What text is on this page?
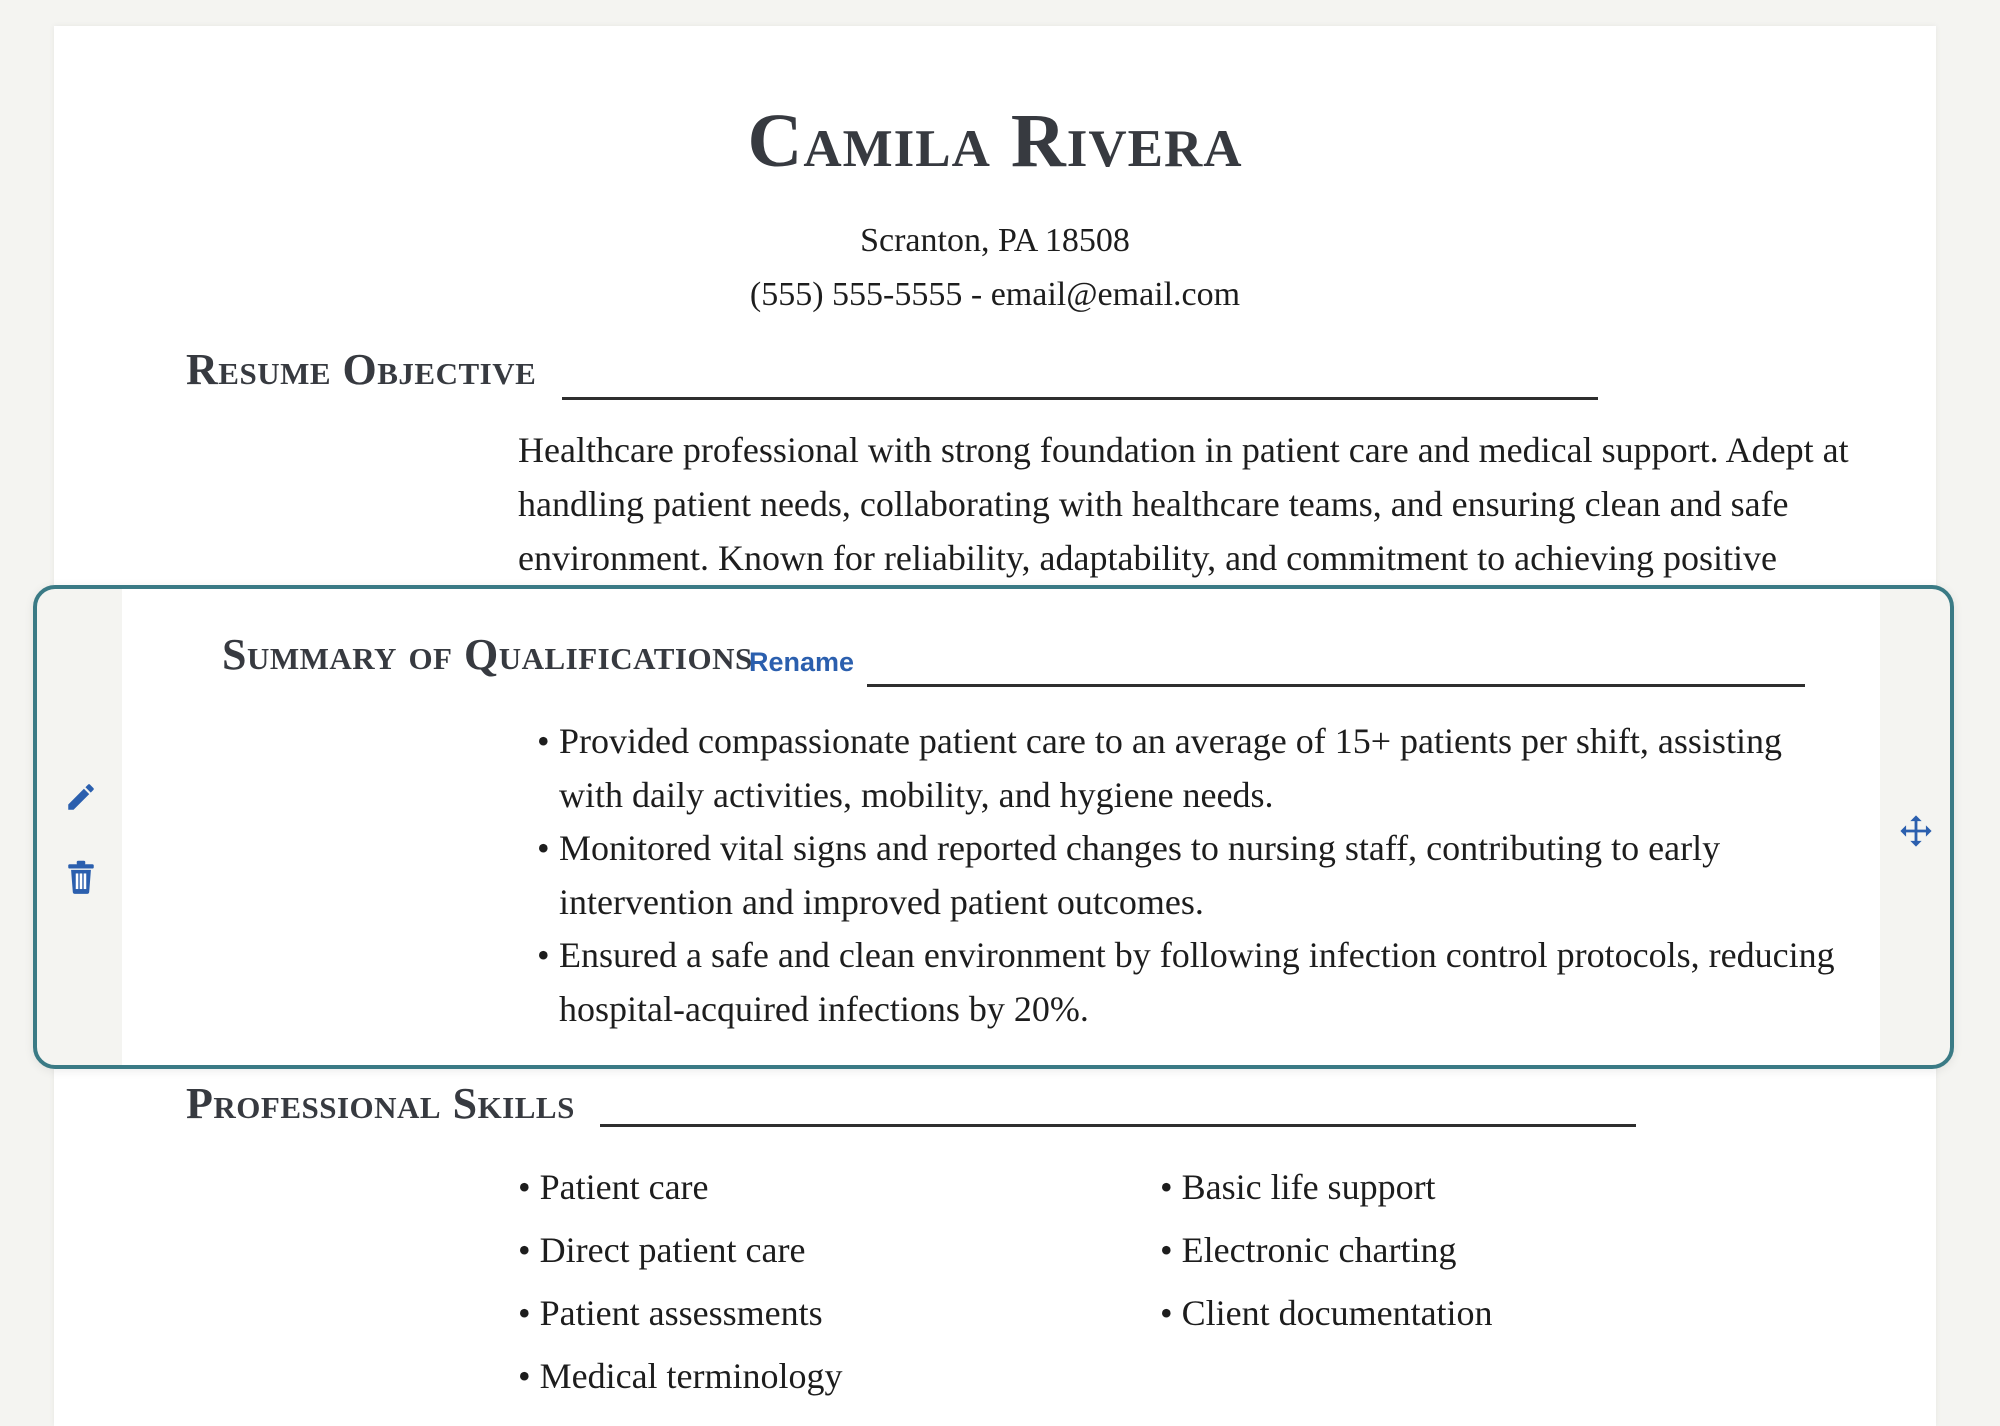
Camila Rivera
Scranton, PA 18508
(555) 555-5555 - email@email.com
Resume Objective
Healthcare professional with strong foundation in patient care and medical support. Adept at handling patient needs, collaborating with healthcare teams, and ensuring clean and safe environment. Known for reliability, adaptability, and commitment to achieving positive
Professional Skills
• Patient care
• Direct patient care
• Patient assessments
• Medical terminology
• Basic life support
• Electronic charting
• Client documentation
Summary of Qualifications
Rename
• Provided compassionate patient care to an average of 15+ patients per shift, assisting with daily activities, mobility, and hygiene needs.
• Monitored vital signs and reported changes to nursing staff, contributing to early intervention and improved patient outcomes.
• Ensured a safe and clean environment by following infection control protocols, reducing hospital-acquired infections by 20%.
